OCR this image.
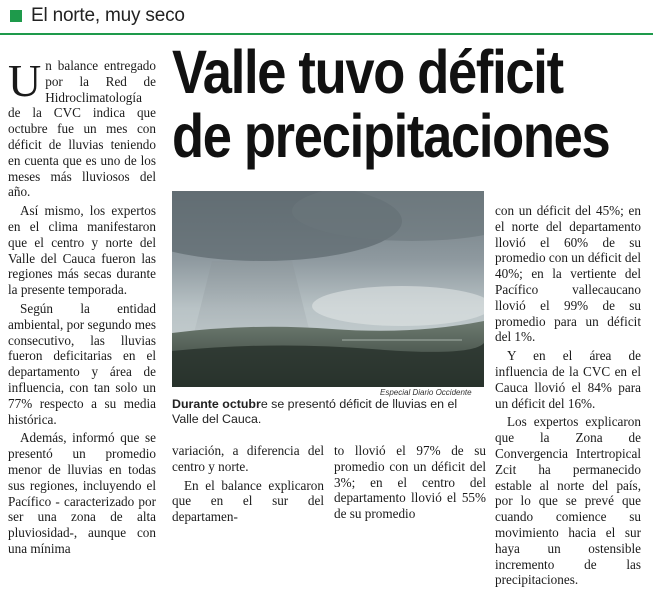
El norte, muy seco
Valle tuvo déficit
de precipitaciones

Un balance entregado por la Red de Hidroclimatología de la CVC indica que octubre fue un mes con déficit de lluvias teniendo en cuenta que es uno de los meses más lluviosos del año.

Así mismo, los expertos en el clima manifestaron que el centro y norte del Valle del Cauca fueron las regiones más secas durante la presente temporada.

Según la entidad ambiental, por segundo mes consecutivo, las lluvias fueron deficitarias en el departamento y área de influencia, con tan solo un 77% respecto a su media histórica.

Además, informó que se presentó un promedio menor de lluvias en todas sus regiones, incluyendo el Pacífico - caracterizado por ser una zona de alta pluviosidad-, aunque con una mínima

Especial Diario Occidente
Durante octubre se presentó déficit de lluvias en el Valle del Cauca.

variación, a diferencia del centro y norte.

En el balance explicaron que en el sur del departamen-

to llovió el 97% de su promedio con un déficit del 3%; en el centro del departamento llovió el 55% de su promedio

con un déficit del 45%; en el norte del departamento llovió el 60% de su promedio con un déficit del 40%; en la vertiente del Pacífico vallecaucano llovió el 99% de su promedio para un déficit del 1%.

Y en el área de influencia de la CVC en el Cauca llovió el 84% para un déficit del 16%.

Los expertos explicaron que la Zona de Convergencia Intertropical Zcit ha permanecido estable al norte del país, por lo que se prevé que cuando comience su movimiento hacia el sur haya un ostensible incremento de las precipitaciones.
